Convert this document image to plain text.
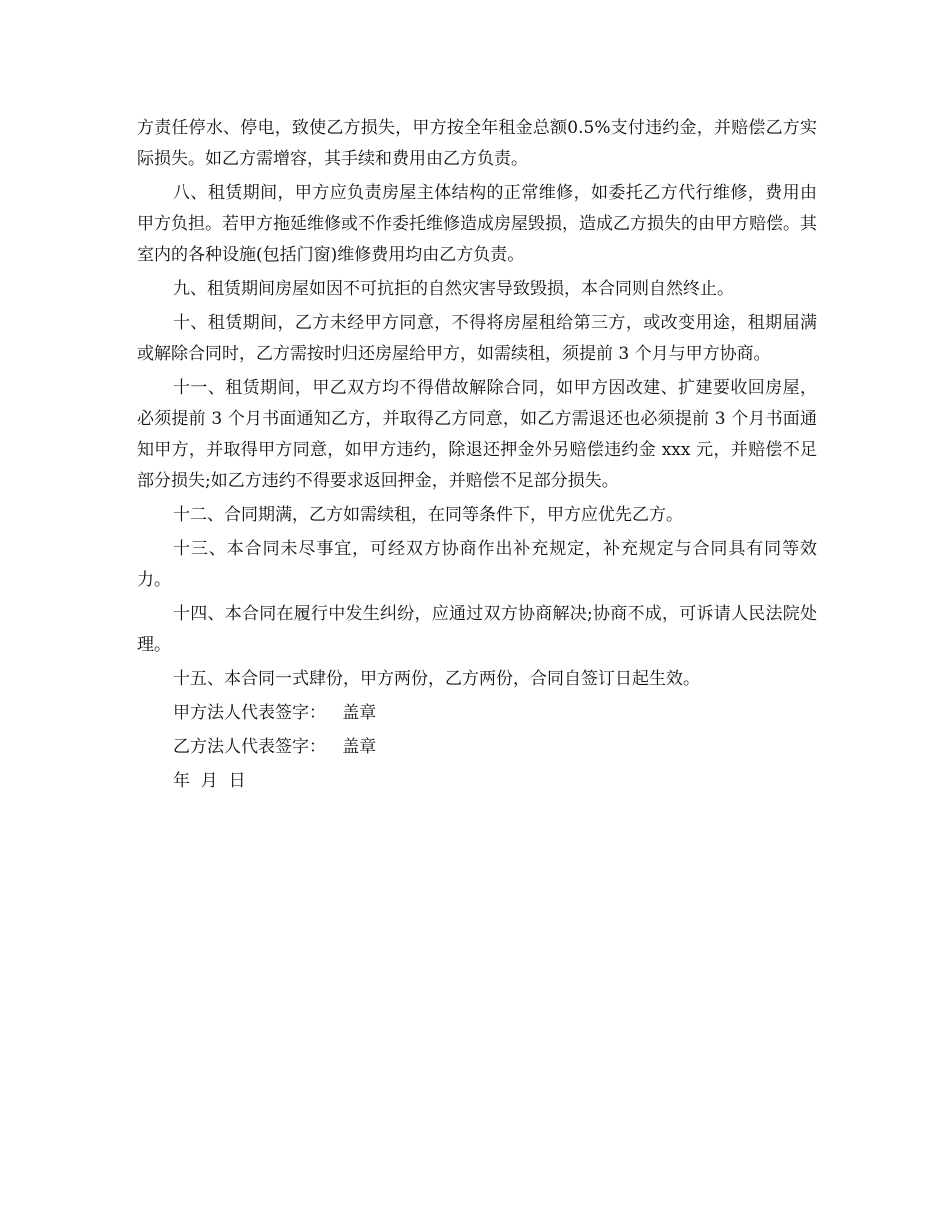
方责任停水、停电，致使乙方损失，甲方按全年租金总额0.5%支付违约金，并赔偿乙方实际损失。如乙方需增容，其手续和费用由乙方负责。

八、租赁期间，甲方应负责房屋主体结构的正常维修，如委托乙方代行维修，费用由甲方负担。若甲方拖延维修或不作委托维修造成房屋毁损，造成乙方损失的由甲方赔偿。其室内的各种设施(包括门窗)维修费用均由乙方负责。

九、租赁期间房屋如因不可抗拒的自然灾害导致毁损，本合同则自然终止。

十、租赁期间，乙方未经甲方同意，不得将房屋租给第三方，或改变用途，租期届满或解除合同时，乙方需按时归还房屋给甲方，如需续租，须提前 3 个月与甲方协商。

十一、租赁期间，甲乙双方均不得借故解除合同，如甲方因改建、扩建要收回房屋，必须提前 3 个月书面通知乙方，并取得乙方同意，如乙方需退还也必须提前 3 个月书面通知甲方，并取得甲方同意，如甲方违约，除退还押金外另赔偿违约金 xxx 元，并赔偿不足部分损失;如乙方违约不得要求返回押金，并赔偿不足部分损失。

十二、合同期满，乙方如需续租，在同等条件下，甲方应优先乙方。

十三、本合同未尽事宜，可经双方协商作出补充规定，补充规定与合同具有同等效力。

十四、本合同在履行中发生纠纷，应通过双方协商解决;协商不成，可诉请人民法院处理。

十五、本合同一式肆份，甲方两份，乙方两份，合同自签订日起生效。

甲方法人代表签字：   盖章

乙方法人代表签字：   盖章

年  月  日
